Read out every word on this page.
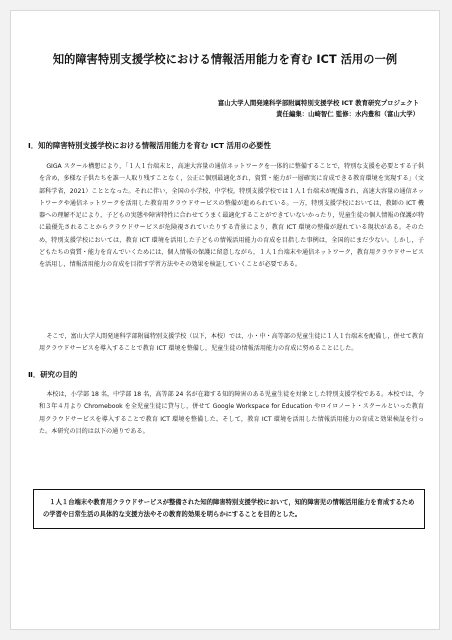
知的障害特別支援学校における情報活用能力を育む ICT 活用の一例
富山大学人間発達科学部附属特別支援学校 ICT 教育研究プロジェクト
責任編集：山崎智仁 監修：水内豊和（富山大学）
Ⅰ．知的障害特別支援学校における情報活用能力を育む ICT 活用の必要性
GIGA スクール構想により，「１人１台端末と，高速大容量の通信ネットワークを一体的に整備することで，特別な支援を必要とする子供を含め，多様な子供たちを誰一人取り残すことなく，公正に個別最適化され，資質・能力が一層確実に育成できる教育環境を実現する」（文部科学省，2021）こととなった。それに伴い，全国の小学校，中学校，特別支援学校では１人１台端末が配備され，高速大容量の通信ネットワークや通信ネットワークを活用した教育用クラウドサービスの整備が進められている。一方，特別支援学校においては，教師の ICT 機器への理解不足により，子どもの実態や障害特性に合わせてうまく最適化することができていないかったり，児童生徒の個人情報の保護が特に最優先されることからクラウドサービスが危険視されていたりする背景により，教育 ICT 環境の整備が遅れている現状がある。そのため，特別支援学校においては，教育 ICT 環境を活用した子どもの情報活用能力の育成を目指した事例は，全国的にまだ少ない。しかし，子どもたちの資質・能力を育んでいくためには，個人情報の保護に留意しながら，１人１台端末や通信ネットワーク，教育用クラウドサービスを活用し，情報活用能力の育成を目指す学習方法やその効果を検証していくことが必要である。
そこで，富山大学人間発達科学部附属特別支援学校（以下，本校）では，小・中・高等部の児童生徒に１人１台端末を配備し，併せて教育用クラウドサービスを導入することで教育 ICT 環境を整備し，児童生徒の情報活用能力の育成に努めることにした。
Ⅱ．研究の目的
本校は，小学部 18 名，中学部 18 名，高等部 24 名が在籍する知的障害のある児童生徒を対象とした特別支援学校である。本校では，令和３年４月より Chromebook を全児童生徒に貸与し，併せて Google Workspace for Education やロイロノート・スクールといった教育用クラウドサービスを導入することで教育 ICT 環境を整備した。そして，教育 ICT 環境を活用した情報活用能力の育成と効果検証を行った。本研究の目的は以下の通りである。
１人１台端末や教育用クラウドサービスが整備された知的障害特別支援学校において，知的障害児の情報活用能力を育成するための学習や日常生活の具体的な支援方法やその教育的効果を明らかにすることを目的とした。
